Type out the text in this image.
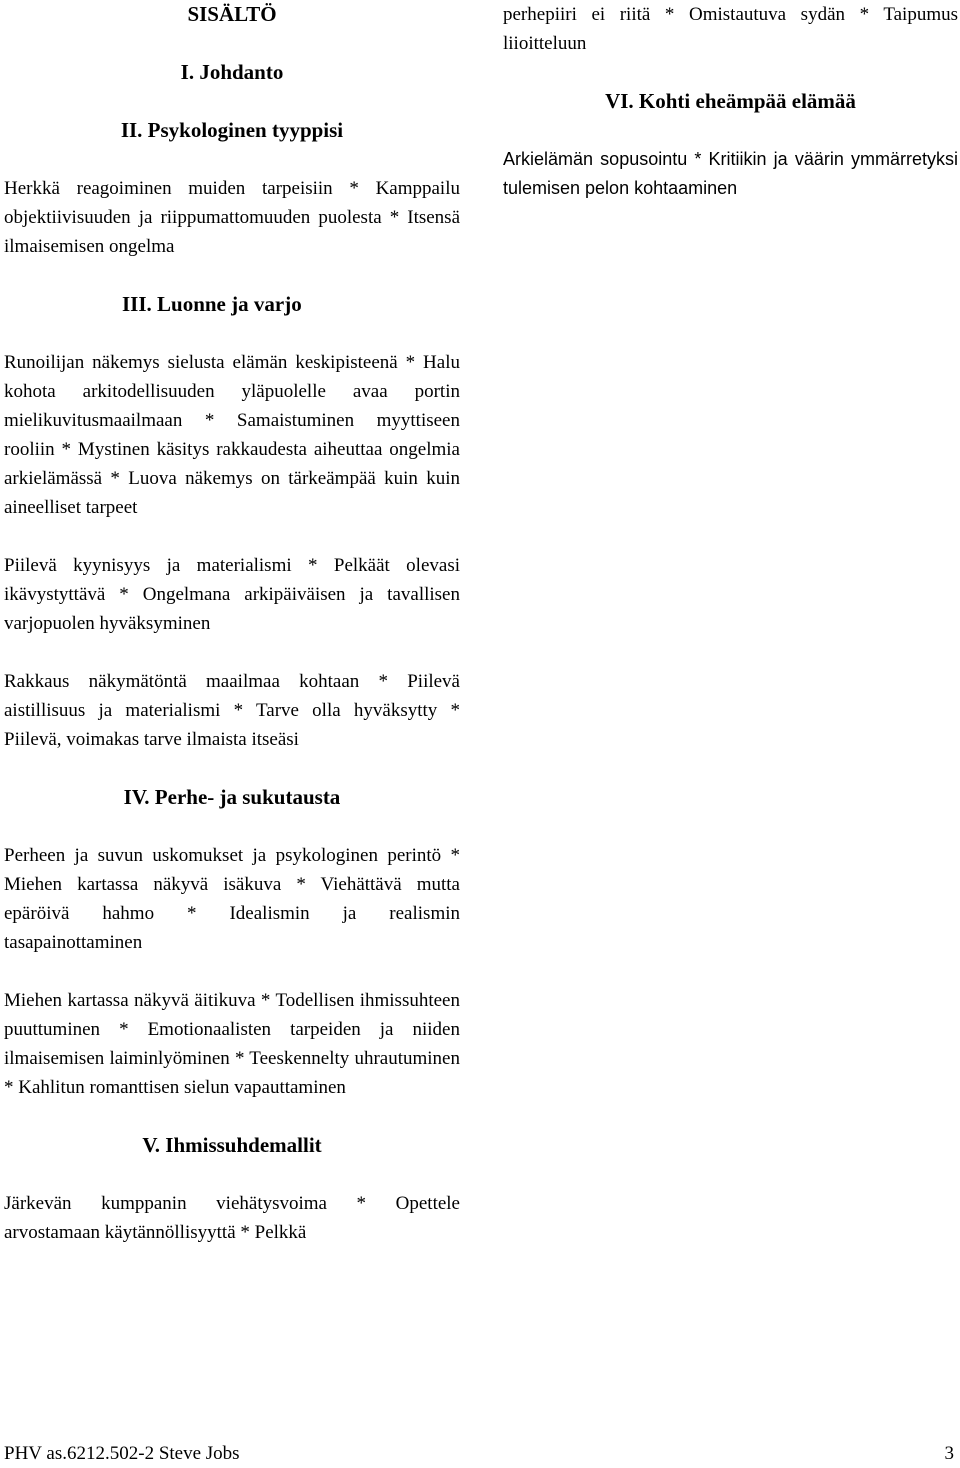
SISÄLTÖ
I. Johdanto
II. Psykologinen tyyppisi

Herkkä reagoiminen muiden tarpeisiin * Kamppailu objektiivisuuden ja riippumattomuuden puolesta * Itsensä ilmaisemisen ongelma

III. Luonne ja varjo

Runoilijan näkemys sielusta elämän keskipisteenä * Halu kohota arkitodellisuuden yläpuolelle avaa portin mielikuvitusmaailmaan * Samaistuminen myyttiseen rooliin * Mystinen käsitys rakkaudesta aiheuttaa ongelmia arkielämässä * Luova näkemys on tärkeämpää kuin kuin aineelliset tarpeet

Piilevä kyynisyys ja materialismi * Pelkäät olevasi ikävystyttävä * Ongelmana arkipäiväisen ja tavallisen varjopuolen hyväksyminen

Rakkaus näkymätöntä maailmaa kohtaan * Piilevä aistillisuus ja materialismi * Tarve olla hyväksytty * Piilevä, voimakas tarve ilmaista itseäsi

IV. Perhe- ja sukutausta

Perheen ja suvun uskomukset ja psykologinen perintö * Miehen kartassa näkyvä isäkuva * Viehättävä mutta epäröivä hahmo * Idealismin ja realismin tasapainottaminen

Miehen kartassa näkyvä äitikuva * Todellisen ihmissuhteen puuttuminen * Emotionaalisten tarpeiden ja niiden ilmaisemisen laiminlyöminen * Teeskennelty uhrautuminen * Kahlitun romanttisen sielun vapauttaminen

V. Ihmissuhdemallit

Järkevän kumppanin viehätysvoima * Opettele arvostamaan käytännöllisyyttä * Pelkkä

perhepiiri ei riitä * Omistautuva sydän * Taipumus liioitteluun

VI. Kohti eheämpää elämää

Arkielämän sopusointu * Kritiikin ja väärin ymmärretyksi tulemisen pelon kohtaaminen

PHV as.6212.502-2 Steve Jobs	3
